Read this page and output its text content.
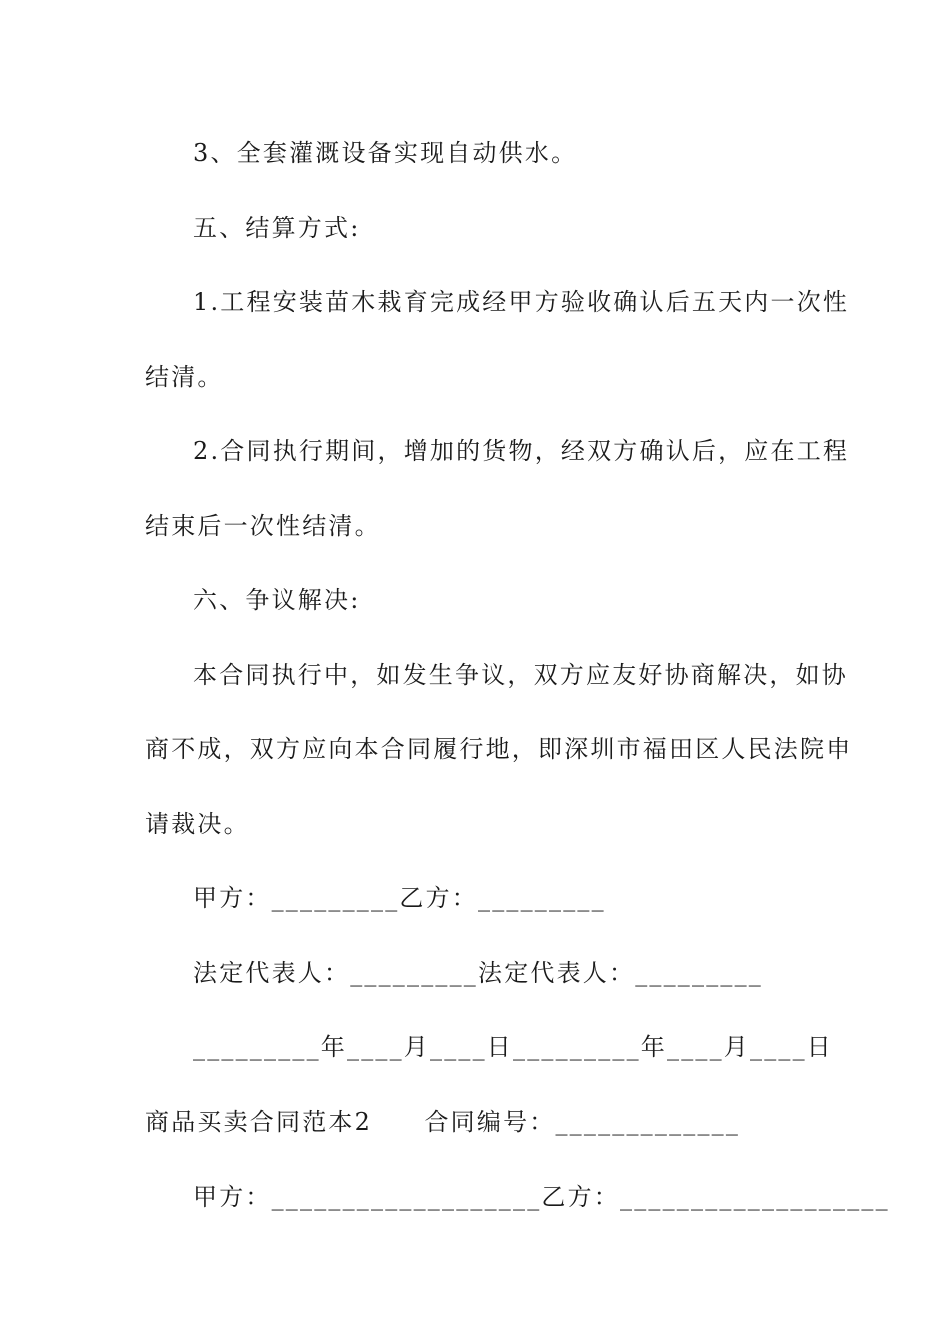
3、全套灌溉设备实现自动供水。
五、结算方式:
1.工程安装苗木栽育完成经甲方验收确认后五天内一次性
结清。
2.合同执行期间，增加的货物，经双方确认后，应在工程
结束后一次性结清。
六、争议解决:
本合同执行中，如发生争议，双方应友好协商解决，如协
商不成，双方应向本合同履行地，即深圳市福田区人民法院申
请裁决。
甲方：_________乙方：_________
法定代表人：_________法定代表人：_________
_________年____月____日_________年____月____日
商品买卖合同范本2　　合同编号：_____________
甲方：___________________乙方：___________________
